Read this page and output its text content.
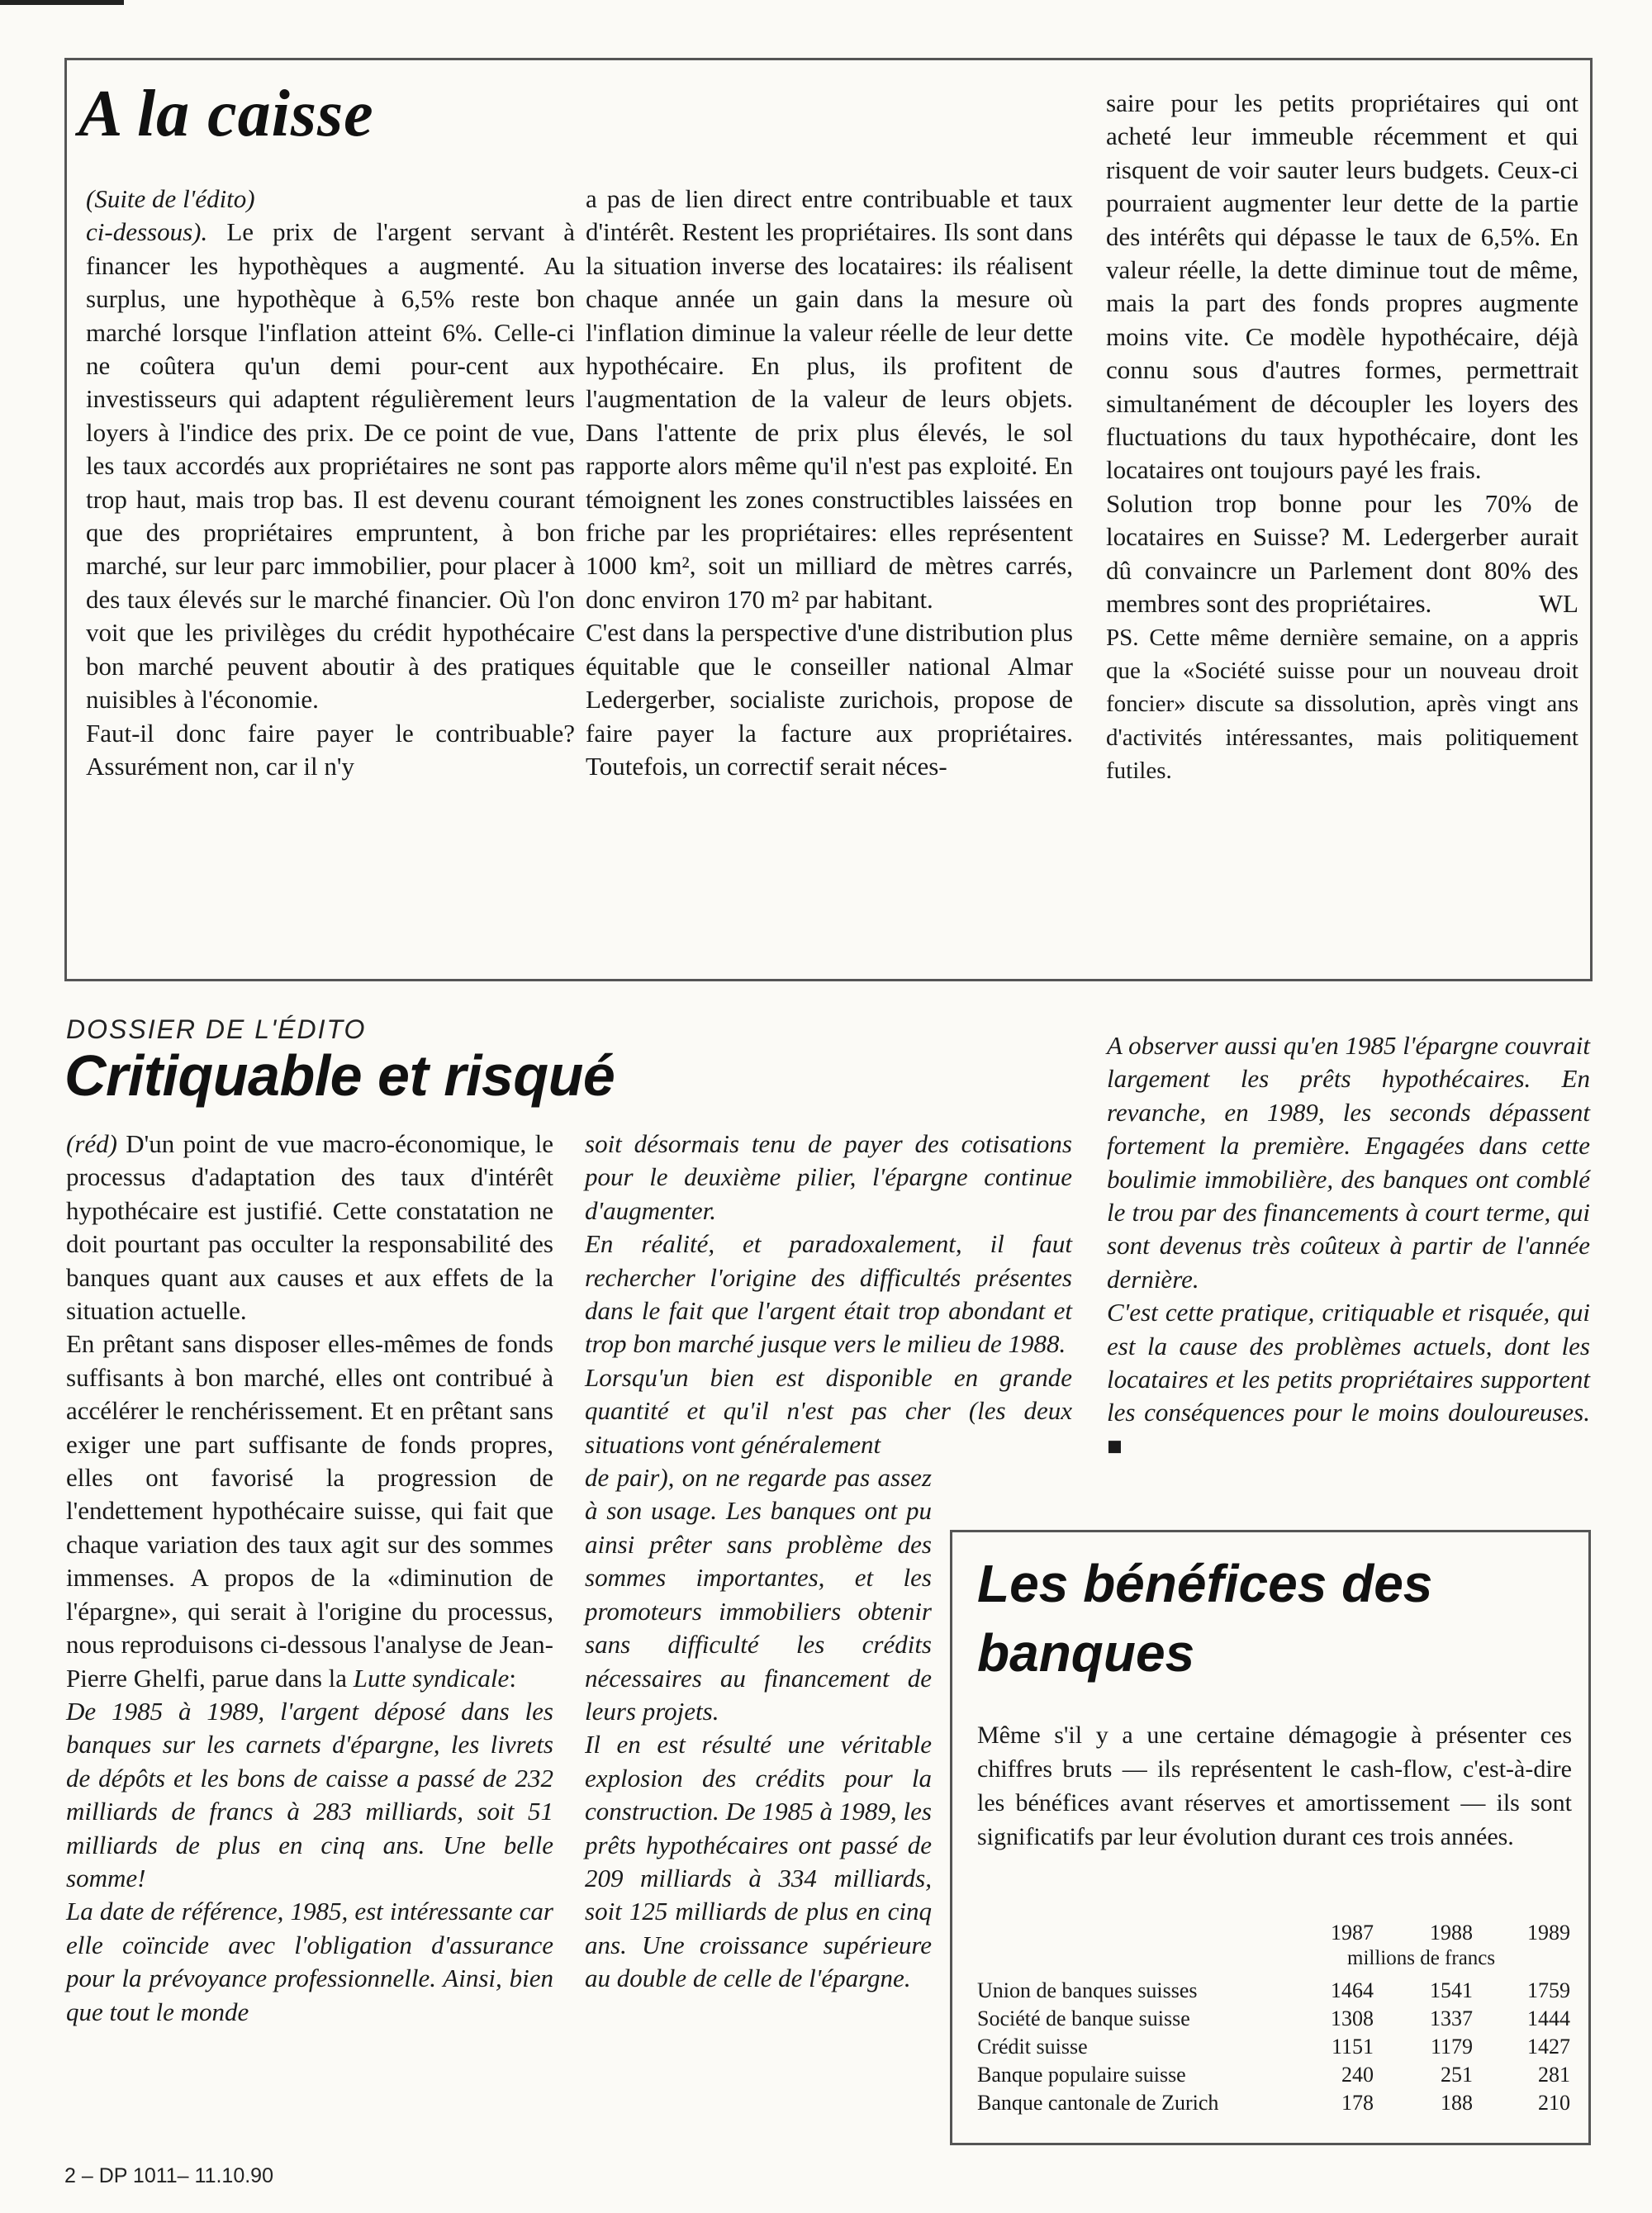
A la caisse

(Suite de l'édito)

ci-dessous). Le prix de l'argent servant à financer les hypothèques a augmenté. Au surplus, une hypothèque à 6,5% reste bon marché lorsque l'inflation atteint 6%. Celle-ci ne coûtera qu'un demi pour-cent aux investisseurs qui adaptent régulièrement leurs loyers à l'indice des prix. De ce point de vue, les taux accordés aux propriétaires ne sont pas trop haut, mais trop bas. Il est devenu courant que des propriétaires empruntent, à bon marché, sur leur parc immobilier, pour placer à des taux élevés sur le marché financier. Où l'on voit que les privilèges du crédit hypothécaire bon marché peuvent aboutir à des pratiques nuisibles à l'économie.

Faut-il donc faire payer le contribuable? Assurément non, car il n'y

a pas de lien direct entre contribuable et taux d'intérêt. Restent les propriétaires. Ils sont dans la situation inverse des locataires: ils réalisent chaque année un gain dans la mesure où l'inflation diminue la valeur réelle de leur dette hypothécaire. En plus, ils profitent de l'augmentation de la valeur de leurs objets. Dans l'attente de prix plus élevés, le sol rapporte alors même qu'il n'est pas exploité. En témoignent les zones constructibles laissées en friche par les propriétaires: elles représentent 1000 km², soit un milliard de mètres carrés, donc environ 170 m² par habitant.

C'est dans la perspective d'une distribution plus équitable que le conseiller national Almar Ledergerber, socialiste zurichois, propose de faire payer la facture aux propriétaires. Toutefois, un correctif serait néces-

saire pour les petits propriétaires qui ont acheté leur immeuble récemment et qui risquent de voir sauter leurs budgets. Ceux-ci pourraient augmenter leur dette de la partie des intérêts qui dépasse le taux de 6,5%. En valeur réelle, la dette diminue tout de même, mais la part des fonds propres augmente moins vite. Ce modèle hypothécaire, déjà connu sous d'autres formes, permettrait simultanément de découpler les loyers des fluctuations du taux hypothécaire, dont les locataires ont toujours payé les frais.

Solution trop bonne pour les 70% de locataires en Suisse? M. Ledergerber aurait dû convaincre un Parlement dont 80% des membres sont des propriétaires.	WL

PS. Cette même dernière semaine, on a appris que la «Société suisse pour un nouveau droit foncier» discute sa dissolution, après vingt ans d'activités intéressantes, mais politiquement futiles.

DOSSIER DE L'ÉDITO
Critiquable et risqué

(réd) D'un point de vue macro-économique, le processus d'adaptation des taux d'intérêt hypothécaire est justifié. Cette constatation ne doit pourtant pas occulter la responsabilité des banques quant aux causes et aux effets de la situation actuelle.

En prêtant sans disposer elles-mêmes de fonds suffisants à bon marché, elles ont contribué à accélérer le renchérissement. Et en prêtant sans exiger une part suffisante de fonds propres, elles ont favorisé la progression de l'endettement hypothécaire suisse, qui fait que chaque variation des taux agit sur des sommes immenses. A propos de la «diminution de l'épargne», qui serait à l'origine du processus, nous reproduisons ci-dessous l'analyse de Jean-Pierre Ghelfi, parue dans la Lutte syndicale:

De 1985 à 1989, l'argent déposé dans les banques sur les carnets d'épargne, les livrets de dépôts et les bons de caisse a passé de 232 milliards de francs à 283 milliards, soit 51 milliards de plus en cinq ans. Une belle somme!

La date de référence, 1985, est intéressante car elle coïncide avec l'obligation d'assurance pour la prévoyance professionnelle. Ainsi, bien que tout le monde

soit désormais tenu de payer des cotisations pour le deuxième pilier, l'épargne continue d'augmenter.

En réalité, et paradoxalement, il faut rechercher l'origine des difficultés présentes dans le fait que l'argent était trop abondant et trop bon marché jusque vers le milieu de 1988.

Lorsqu'un bien est disponible en grande quantité et qu'il n'est pas cher (les deux situations vont généralement

de pair), on ne regarde pas assez à son usage. Les banques ont pu ainsi prêter sans problème des sommes importantes, et les promoteurs immobiliers obtenir sans difficulté les crédits nécessaires au financement de leurs projets.

Il en est résulté une véritable explosion des crédits pour la construction. De 1985 à 1989, les prêts hypothécaires ont passé de 209 milliards à 334 milliards, soit 125 milliards de plus en cinq ans. Une croissance supérieure au double de celle de l'épargne.

A observer aussi qu'en 1985 l'épargne couvrait largement les prêts hypothécaires. En revanche, en 1989, les seconds dépassent fortement la première. Engagées dans cette boulimie immobilière, des banques ont comblé le trou par des financements à court terme, qui sont devenus très coûteux à partir de l'année dernière.

C'est cette pratique, critiquable et risquée, qui est la cause des problèmes actuels, dont les locataires et les petits propriétaires supportent les conséquences pour le moins douloureuses. ■

Les bénéfices des banques

Même s'il y a une certaine démagogie à présenter ces chiffres bruts — ils représentent le cash-flow, c'est-à-dire les bénéfices avant réserves et amortissement — ils sont significatifs par leur évolution durant ces trois années.

1987	1988	1989
millions de francs
Union de banques suisses	1464	1541	1759
Société de banque suisse	1308	1337	1444
Crédit suisse	1151	1179	1427
Banque populaire suisse	240	251	281
Banque cantonale de Zurich	178	188	210
2 – DP 1011– 11.10.90
